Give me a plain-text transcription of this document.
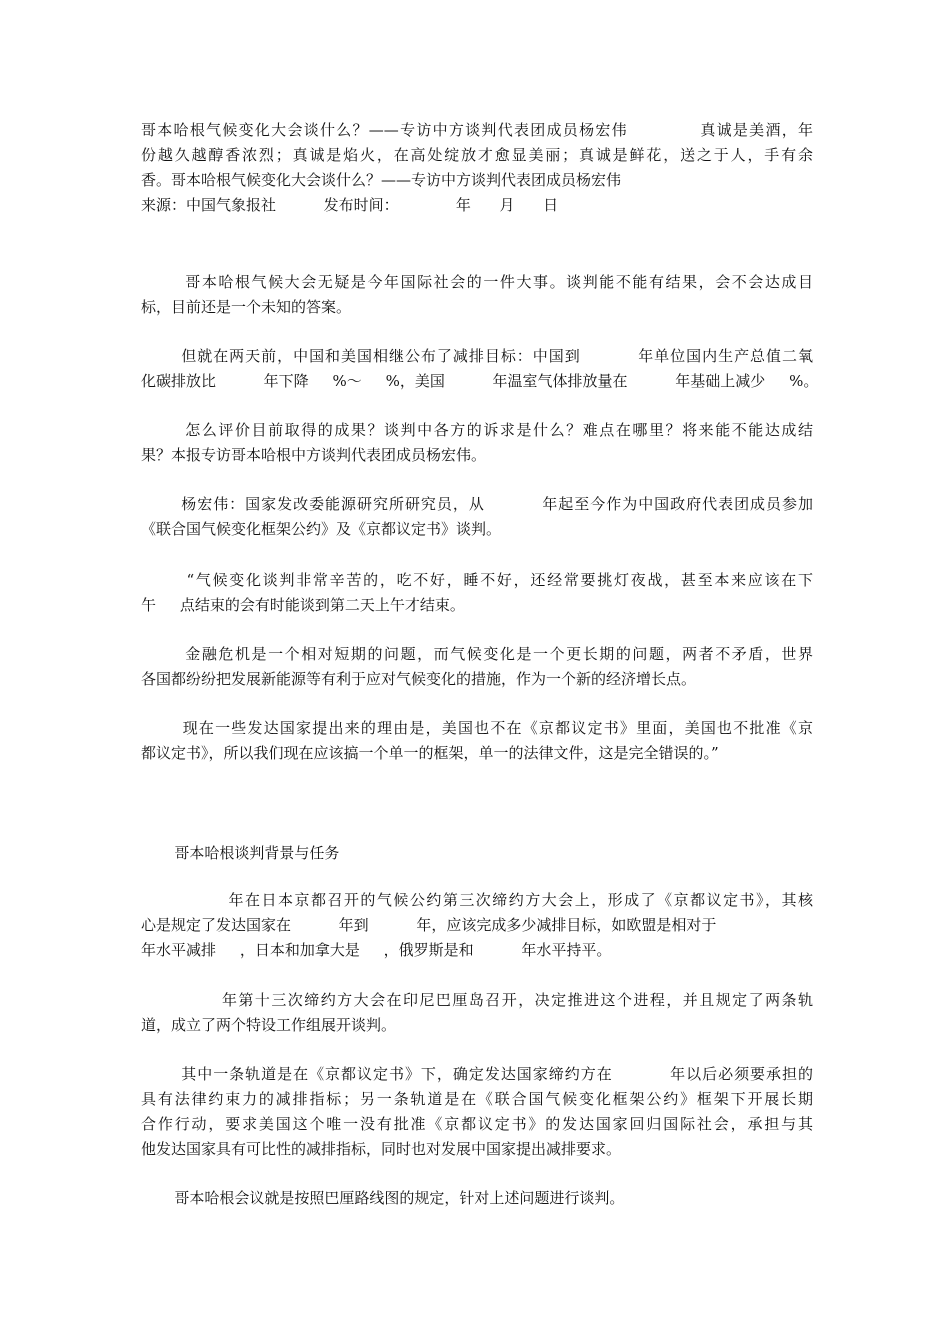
哥本哈根气候变化大会谈什么？——专访中方谈判代表团成员杨宏伟            真诚是美酒，年
份越久越醇香浓烈；真诚是焰火，在高处绽放才愈显美丽；真诚是鲜花，送之于人，手有余
香。哥本哈根气候变化大会谈什么？——专访中方谈判代表团成员杨宏伟
来源：中国气象报社          发布时间：            年      月      日
哥本哈根气候大会无疑是今年国际社会的一件大事。谈判能不能有结果，会不会达成目
标，目前还是一个未知的答案。
但就在两天前，中国和美国相继公布了减排目标：中国到          年单位国内生产总值二氧
化碳排放比          年下降     %～     %，美国          年温室气体排放量在          年基础上减少     %。
怎么评价目前取得的成果？谈判中各方的诉求是什么？难点在哪里？将来能不能达成结
果？本报专访哥本哈根中方谈判代表团成员杨宏伟。
杨宏伟：国家发改委能源研究所研究员，从          年起至今作为中国政府代表团成员参加
《联合国气候变化框架公约》及《京都议定书》谈判。
“气候变化谈判非常辛苦的，吃不好，睡不好，还经常要挑灯夜战，甚至本来应该在下
午     点结束的会有时能谈到第二天上午才结束。
金融危机是一个相对短期的问题，而气候变化是一个更长期的问题，两者不矛盾，世界
各国都纷纷把发展新能源等有利于应对气候变化的措施，作为一个新的经济增长点。
现在一些发达国家提出来的理由是，美国也不在《京都议定书》里面，美国也不批准《京
都议定书》，所以我们现在应该搞一个单一的框架，单一的法律文件，这是完全错误的。”
哥本哈根谈判背景与任务
年在日本京都召开的气候公约第三次缔约方大会上，形成了《京都议定书》，其核
心是规定了发达国家在          年到          年，应该完成多少减排目标，如欧盟是相对于
年水平减排     ，日本和加拿大是     ，俄罗斯是和          年水平持平。
年第十三次缔约方大会在印尼巴厘岛召开，决定推进这个进程，并且规定了两条轨
道，成立了两个特设工作组展开谈判。
其中一条轨道是在《京都议定书》下，确定发达国家缔约方在          年以后必须要承担的
具有法律约束力的减排指标；另一条轨道是在《联合国气候变化框架公约》框架下开展长期
合作行动，要求美国这个唯一没有批准《京都议定书》的发达国家回归国际社会，承担与其
他发达国家具有可比性的减排指标，同时也对发展中国家提出减排要求。
哥本哈根会议就是按照巴厘路线图的规定，针对上述问题进行谈判。
